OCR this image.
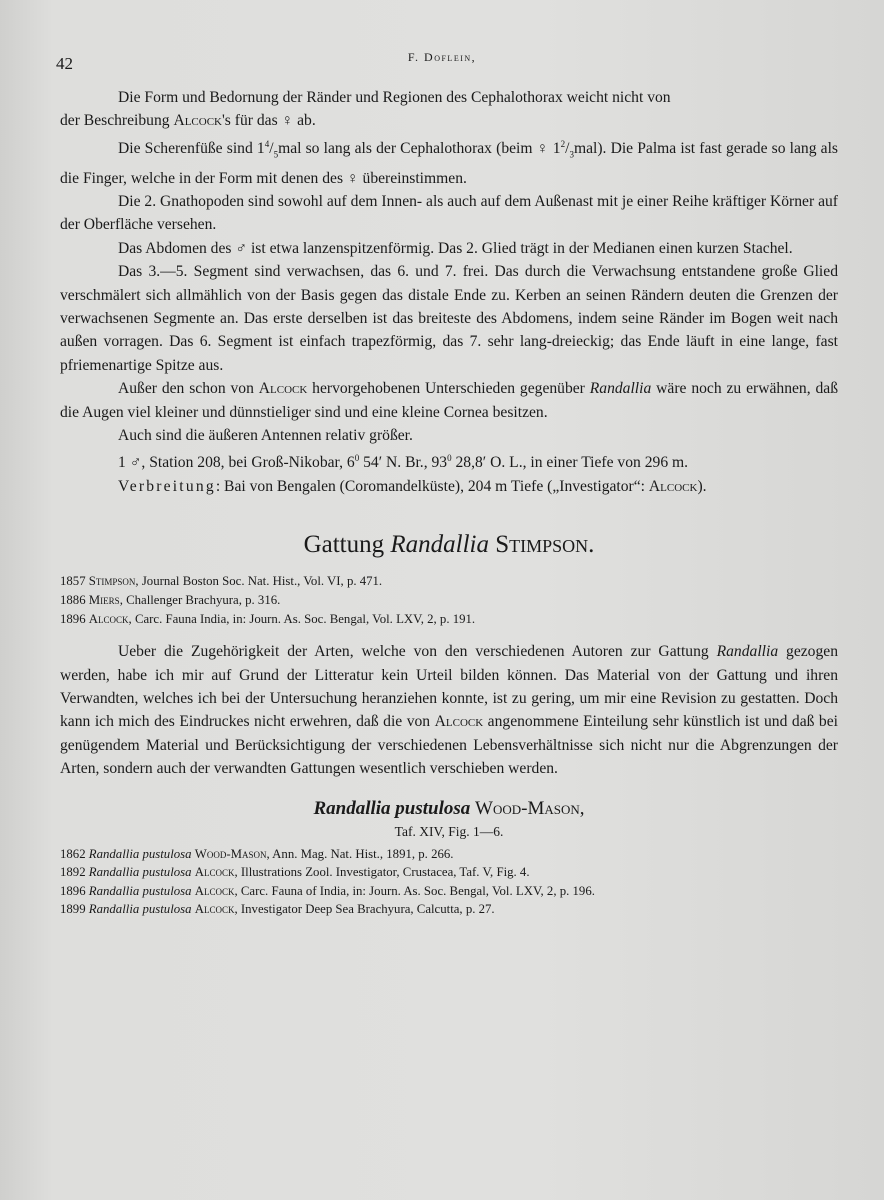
42	F. Doflein,

Die Form und Bedornung der Ränder und Regionen des Cephalothorax weicht nicht von
der Beschreibung Alcock's für das ♀ ab.

Die Scherenfüße sind $1^4/_5mal$ so lang als der Cephalothorax (beim ♀ $1^2/_3mal$). Die Palma ist fast gerade so lang als die Finger, welche in der Form mit denen des ♀ übereinstimmen.

Die 2. Gnathopoden sind sowohl auf dem Innen- als auch auf dem Außenast mit je einer Reihe kräftiger Körner auf der Oberfläche versehen.

Das Abdomen des ♂ ist etwa lanzenspitzenförmig. Das 2. Glied trägt in der Medianen einen kurzen Stachel.

Das 3.—5. Segment sind verwachsen, das 6. und 7. frei. Das durch die Verwachsung entstandene große Glied verschmälert sich allmählich von der Basis gegen das distale Ende zu. Kerben an seinen Rändern deuten die Grenzen der verwachsenen Segmente an. Das erste derselben ist das breiteste des Abdomens, indem seine Ränder im Bogen weit nach außen vorragen. Das 6. Segment ist einfach trapezförmig, das 7. sehr lang-dreieckig; das Ende läuft in eine lange, fast pfriemenartige Spitze aus.

Außer den schon von Alcock hervorgehobenen Unterschieden gegenüber Randallia wäre noch zu erwähnen, daß die Augen viel kleiner und dünnstieliger sind und eine kleine Cornea besitzen.

Auch sind die äußeren Antennen relativ größer.

1 ♂, Station 208, bei Groß-Nikobar, $6^0$ 54′ N. Br., $93^0$ 28,8′ O. L., in einer Tiefe von 296 m.

Verbreitung: Bai von Bengalen (Coromandelküste), 204 m Tiefe („Investigator“: Alcock).

Gattung Randallia Stimpson.
1857 Stimpson, Journal Boston Soc. Nat. Hist., Vol. VI, p. 471.
1886 Miers, Challenger Brachyura, p. 316.
1896 Alcock, Carc. Fauna India, in: Journ. As. Soc. Bengal, Vol. LXV, 2, p. 191.

Ueber die Zugehörigkeit der Arten, welche von den verschiedenen Autoren zur Gattung Randallia gezogen werden, habe ich mir auf Grund der Litteratur kein Urteil bilden können. Das Material von der Gattung und ihren Verwandten, welches ich bei der Untersuchung heranziehen konnte, ist zu gering, um mir eine Revision zu gestatten. Doch kann ich mich des Eindruckes nicht erwehren, daß die von Alcock angenommene Einteilung sehr künstlich ist und daß bei genügendem Material und Berücksichtigung der verschiedenen Lebensverhältnisse sich nicht nur die Abgrenzungen der Arten, sondern auch der verwandten Gattungen wesentlich verschieben werden.

Randallia pustulosa Wood-Mason,
Taf. XIV, Fig. 1—6.
1862 Randallia pustulosa Wood-Mason, Ann. Mag. Nat. Hist., 1891, p. 266.
1892 Randallia pustulosa Alcock, Illustrations Zool. Investigator, Crustacea, Taf. V, Fig. 4.
1896 Randallia pustulosa Alcock, Carc. Fauna of India, in: Journ. As. Soc. Bengal, Vol. LXV, 2, p. 196.
1899 Randallia pustulosa Alcock, Investigator Deep Sea Brachyura, Calcutta, p. 27.
